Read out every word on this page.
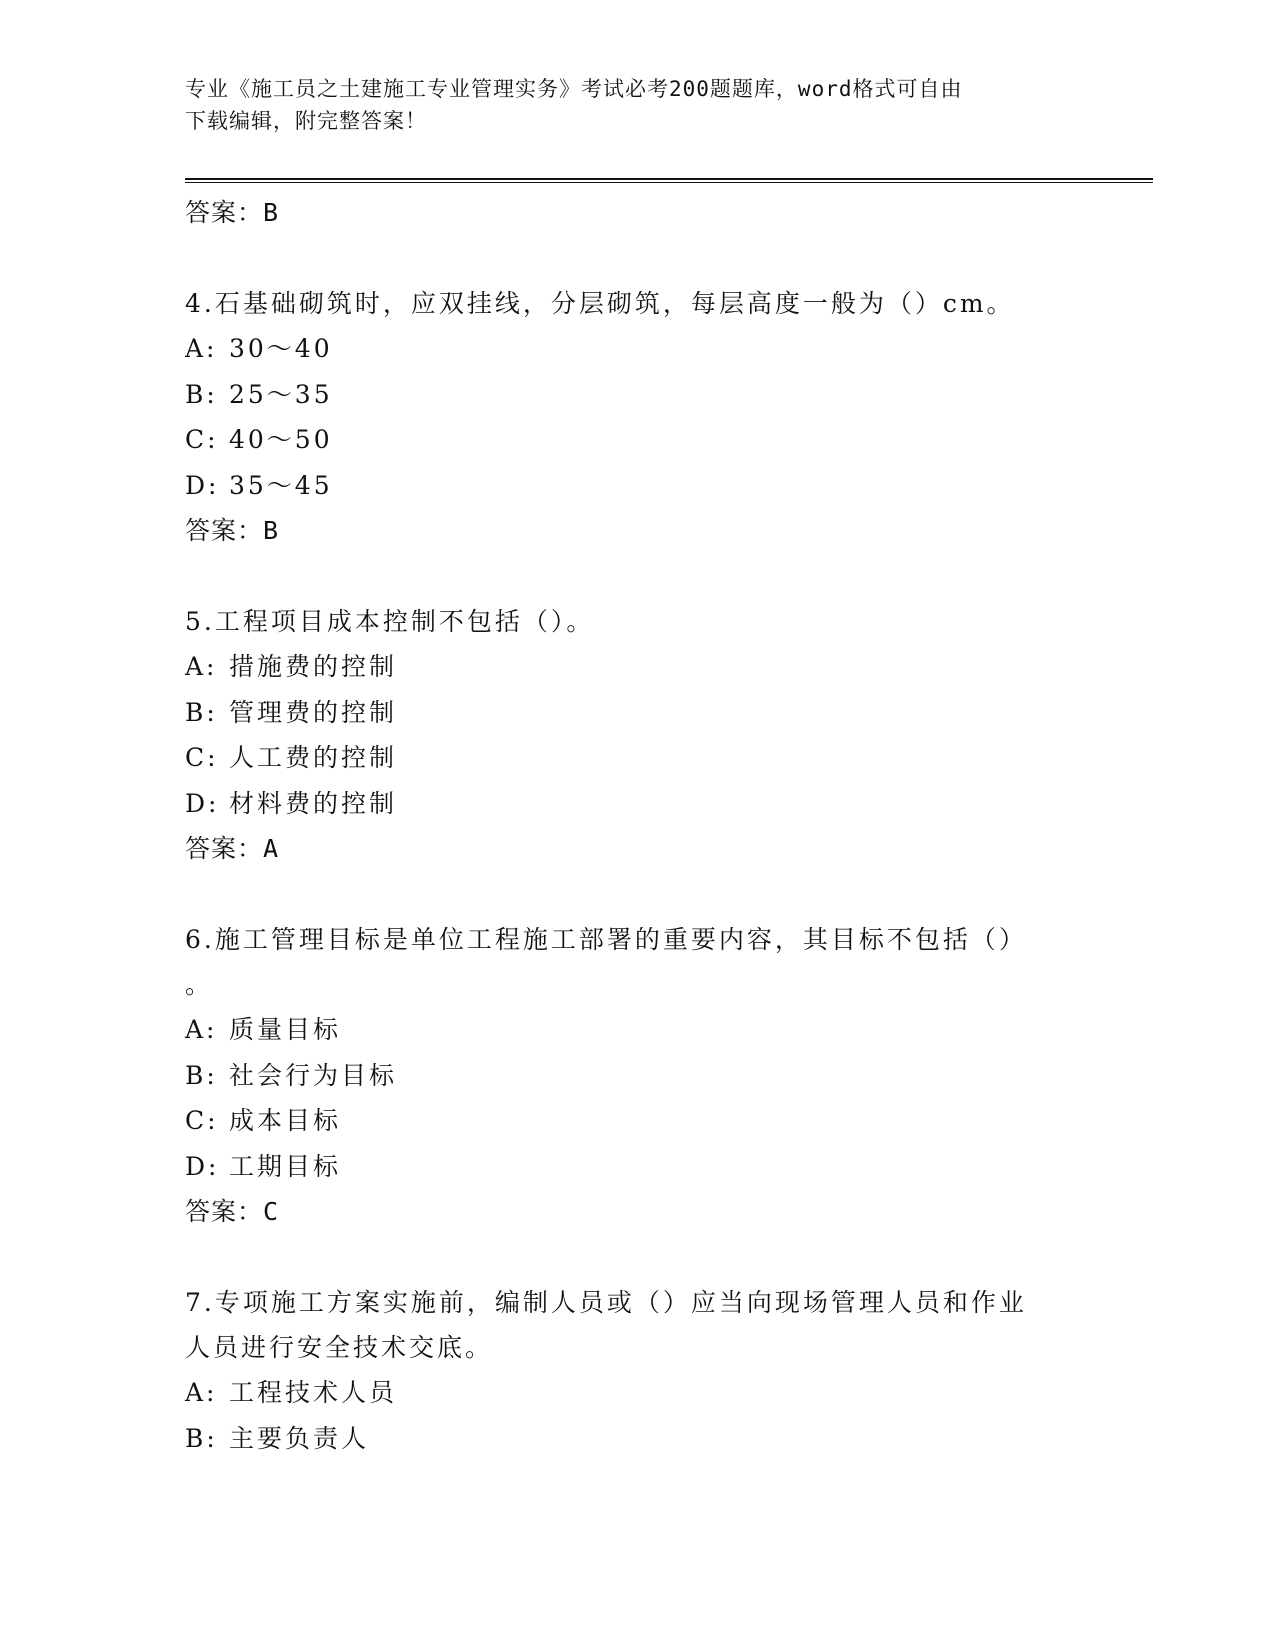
专业《施工员之土建施工专业管理实务》考试必考200题题库，word格式可自由
下载编辑，附完整答案！
答案：B
4.石基础砌筑时，应双挂线，分层砌筑，每层高度一般为（）cm。
A: 30～40
B: 25～35
C: 40～50
D: 35～45
答案：B
5.工程项目成本控制不包括（）。
A: 措施费的控制
B: 管理费的控制
C: 人工费的控制
D: 材料费的控制
答案：A
6.施工管理目标是单位工程施工部署的重要内容，其目标不包括（）
。
A: 质量目标
B: 社会行为目标
C: 成本目标
D: 工期目标
答案：C
7.专项施工方案实施前，编制人员或（）应当向现场管理人员和作业
人员进行安全技术交底。
A: 工程技术人员
B: 主要负责人
